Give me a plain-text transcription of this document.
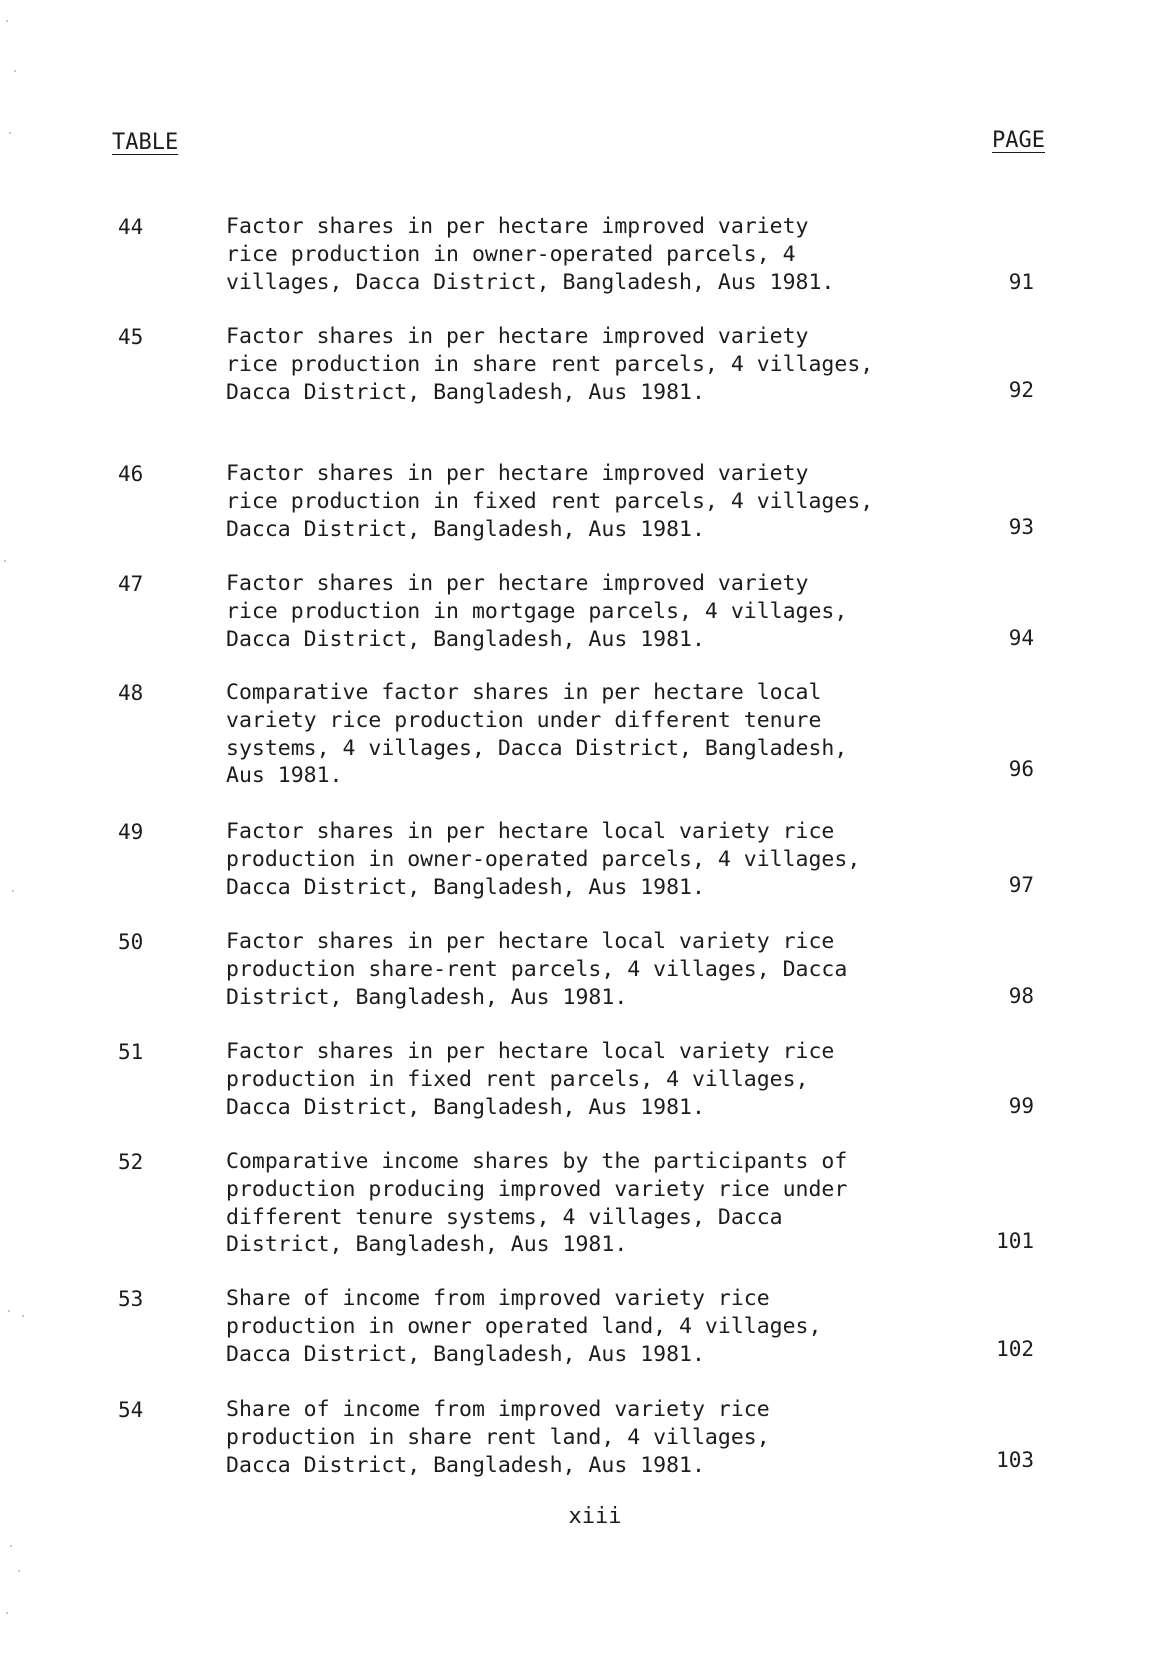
TABLE	PAGE
44	Factor shares in per hectare improved variety
rice production in owner-operated parcels, 4
villages, Dacca District, Bangladesh, Aus 1981.	91
45	Factor shares in per hectare improved variety
rice production in share rent parcels, 4 villages,
Dacca District, Bangladesh, Aus 1981.	92
46	Factor shares in per hectare improved variety
rice production in fixed rent parcels, 4 villages,
Dacca District, Bangladesh, Aus 1981.	93
47	Factor shares in per hectare improved variety
rice production in mortgage parcels, 4 villages,
Dacca District, Bangladesh, Aus 1981.	94
48	Comparative factor shares in per hectare local
variety rice production under different tenure
systems, 4 villages, Dacca District, Bangladesh,
Aus 1981.	96
49	Factor shares in per hectare local variety rice
production in owner-operated parcels, 4 villages,
Dacca District, Bangladesh, Aus 1981.	97
50	Factor shares in per hectare local variety rice
production share-rent parcels, 4 villages, Dacca
District, Bangladesh, Aus 1981.	98
51	Factor shares in per hectare local variety rice
production in fixed rent parcels, 4 villages,
Dacca District, Bangladesh, Aus 1981.	99
52	Comparative income shares by the participants of
production producing improved variety rice under
different tenure systems, 4 villages, Dacca
District, Bangladesh, Aus 1981.	101
53	Share of income from improved variety rice
production in owner operated land, 4 villages,
Dacca District, Bangladesh, Aus 1981.	102
54	Share of income from improved variety rice
production in share rent land, 4 villages,
Dacca District, Bangladesh, Aus 1981.	103
xiii
